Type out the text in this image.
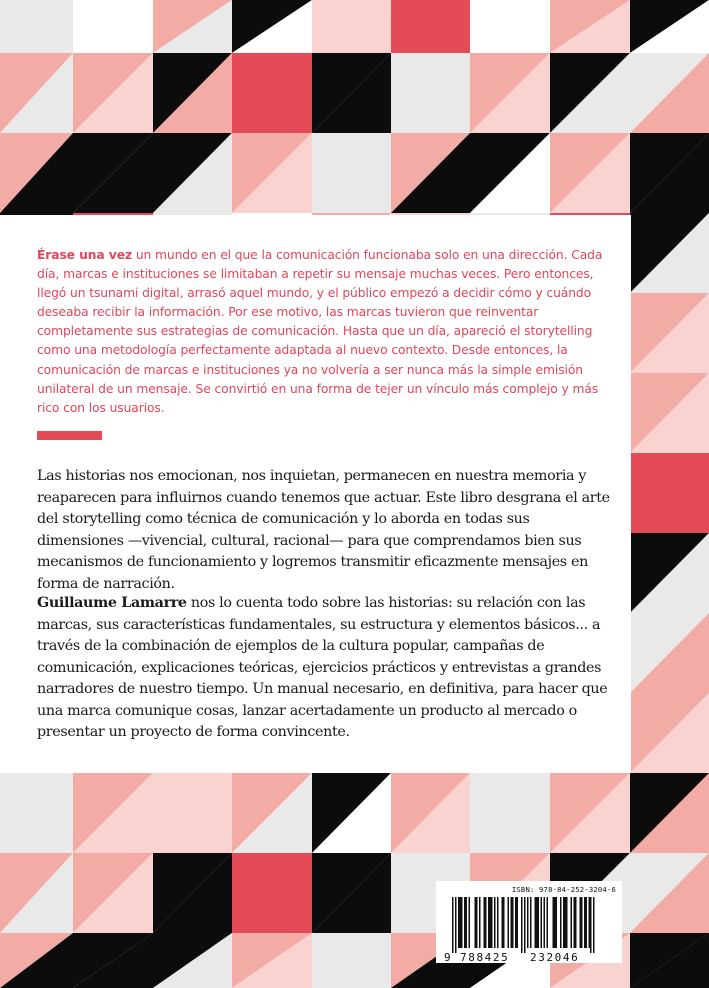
Érase una vez un mundo en el que la comunicación funcionaba solo en una dirección. Cada día, marcas e instituciones se limitaban a repetir su mensaje muchas veces. Pero entonces, llegó un tsunami digital, arrasó aquel mundo, y el público empezó a decidir cómo y cuándo deseaba recibir la información. Por ese motivo, las marcas tuvieron que reinventar completamente sus estrategias de comunicación. Hasta que un día, apareció el storytelling como una metodología perfectamente adaptada al nuevo contexto. Desde entonces, la comunicación de marcas e instituciones ya no volvería a ser nunca más la simple emisión unilateral de un mensaje. Se convirtió en una forma de tejer un vínculo más complejo y más rico con los usuarios.
Las historias nos emocionan, nos inquietan, permanecen en nuestra memoria y reaparecen para influirnos cuando tenemos que actuar. Este libro desgrana el arte del storytelling como técnica de comunicación y lo aborda en todas sus dimensiones —vivencial, cultural, racional— para que comprendamos bien sus mecanismos de funcionamiento y logremos transmitir eficazmente mensajes en forma de narración.
Guillaume Lamarre nos lo cuenta todo sobre las historias: su relación con las marcas, sus características fundamentales, su estructura y elementos básicos... a través de la combinación de ejemplos de la cultura popular, campañas de comunicación, explicaciones teóricas, ejercicios prácticos y entrevistas a grandes narradores de nuestro tiempo. Un manual necesario, en definitiva, para hacer que una marca comunique cosas, lanzar acertadamente un producto al mercado o presentar un proyecto de forma convincente.
9 788425 232046
ISBN: 978-84-252-3204-6
